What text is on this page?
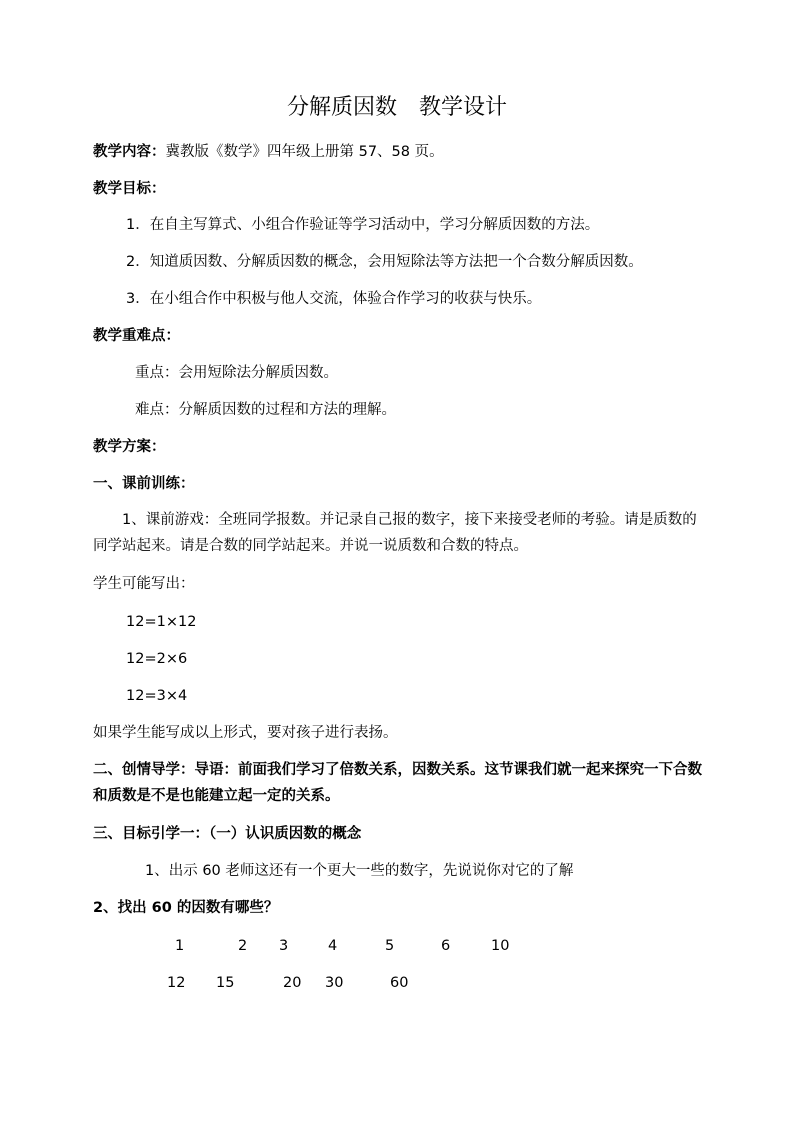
分解质因数　教学设计
教学内容：冀教版《数学》四年级上册第 57、58 页。
教学目标：
1．在自主写算式、小组合作验证等学习活动中，学习分解质因数的方法。
2．知道质因数、分解质因数的概念，会用短除法等方法把一个合数分解质因数。
3．在小组合作中积极与他人交流，体验合作学习的收获与快乐。
教学重难点：
重点：会用短除法分解质因数。
难点：分解质因数的过程和方法的理解。
教学方案：
一、课前训练：
1、课前游戏：全班同学报数。并记录自己报的数字，接下来接受老师的考验。请是质数的同学站起来。请是合数的同学站起来。并说一说质数和合数的特点。
学生可能写出：
12=1×12
12=2×6
12=3×4
如果学生能写成以上形式，要对孩子进行表扬。
二、创情导学：导语：前面我们学习了倍数关系，因数关系。这节课我们就一起来探究一下合数和质数是不是也能建立起一定的关系。
三、目标引学一：（一）认识质因数的概念
1、出示 60 老师这还有一个更大一些的数字，先说说你对它的了解
2、找出 60 的因数有哪些？
1	2 3	4	5	6	10
12 15	20 30	60
